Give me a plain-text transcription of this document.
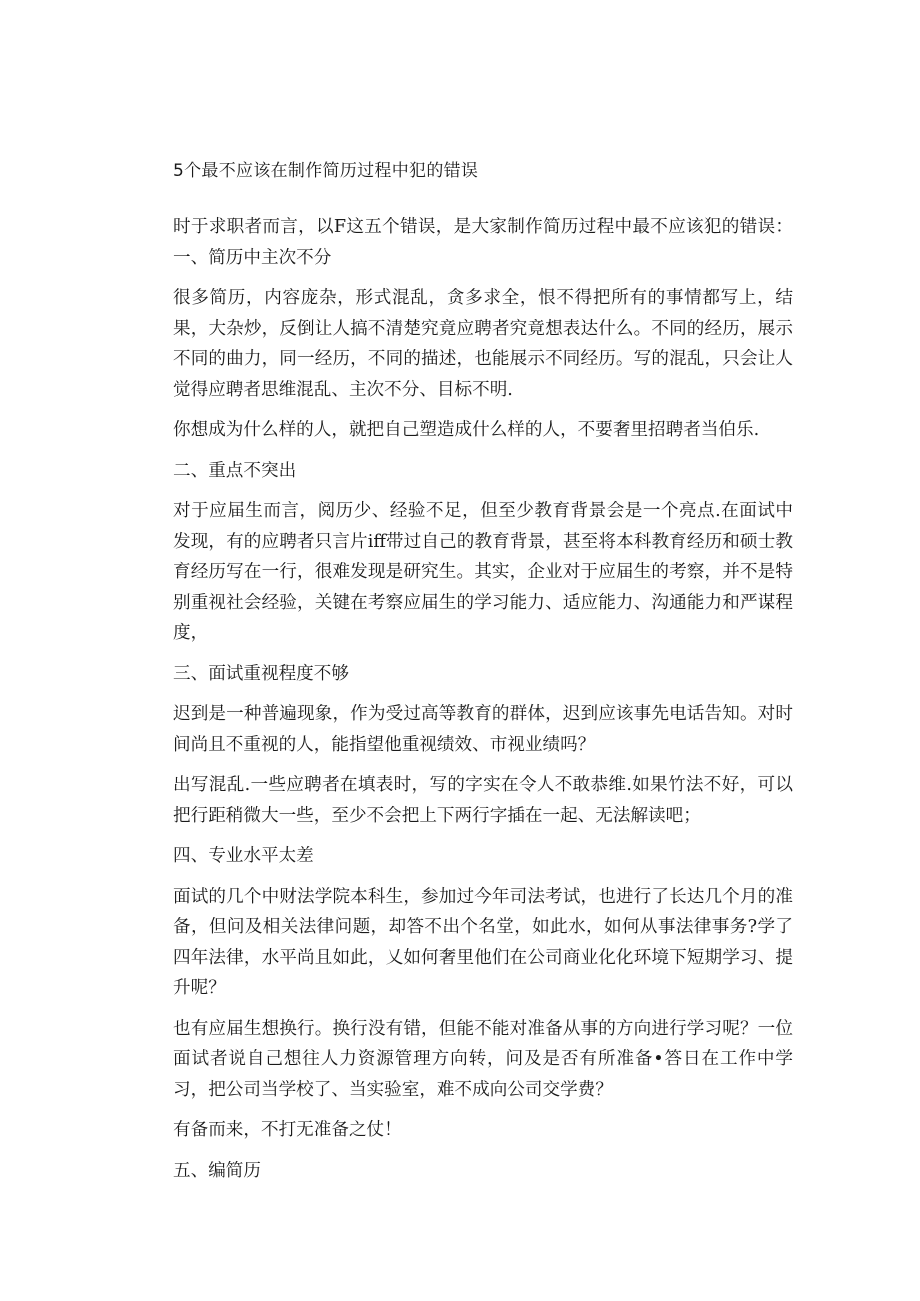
5个最不应该在制作简历过程中犯的错误

时于求职者而言，以F这五个错误，是大家制作简历过程中最不应该犯的错误：一、简历中主次不分

很多简历，内容庞杂，形式混乱，贪多求全，恨不得把所有的事情都写上，结果，大杂炒，反倒让人搞不清楚究竟应聘者究竟想表达什么。不同的经历，展示不同的曲力，同一经历，不同的描述，也能展示不同经历。写的混乱，只会让人觉得应聘者思维混乱、主次不分、目标不明.

你想成为什么样的人，就把自己塑造成什么样的人，不要奢里招聘者当伯乐.

二、重点不突出

对于应届生而言，阅历少、经验不足，但至少教育背景会是一个亮点.在面试中发现，有的应聘者只言片iff带过自己的教育背景，甚至将本科教育经历和硕士教育经历写在一行，很难发现是研究生。其实，企业对于应届生的考察，并不是特别重视社会经验，关键在考察应届生的学习能力、适应能力、沟通能力和严谋程度，

三、面试重视程度不够

迟到是一种普遍现象，作为受过高等教育的群体，迟到应该事先电话告知。对时间尚且不重视的人，能指望他重视绩效、市视业绩吗？

出写混乱.一些应聘者在填表时，写的字实在令人不敢恭维.如果竹法不好，可以把行距稍微大一些，至少不会把上下两行字插在一起、无法解读吧；

四、专业水平太差

面试的几个中财法学院本科生，参加过今年司法考试，也进行了长达几个月的准备，但问及相关法律问题，却答不出个名堂，如此水，如何从事法律事务?学了四年法律，水平尚且如此，乂如何奢里他们在公司商业化化环境下短期学习、提升呢？

也有应届生想换行。换行没有错，但能不能对准备从事的方向进行学习呢？一位面试者说自己想往人力资源管理方向转，问及是否有所准备•答日在工作中学习，把公司当学校了、当实验室，难不成向公司交学费？

有备而来，不打无准备之仗！

五、编简历
